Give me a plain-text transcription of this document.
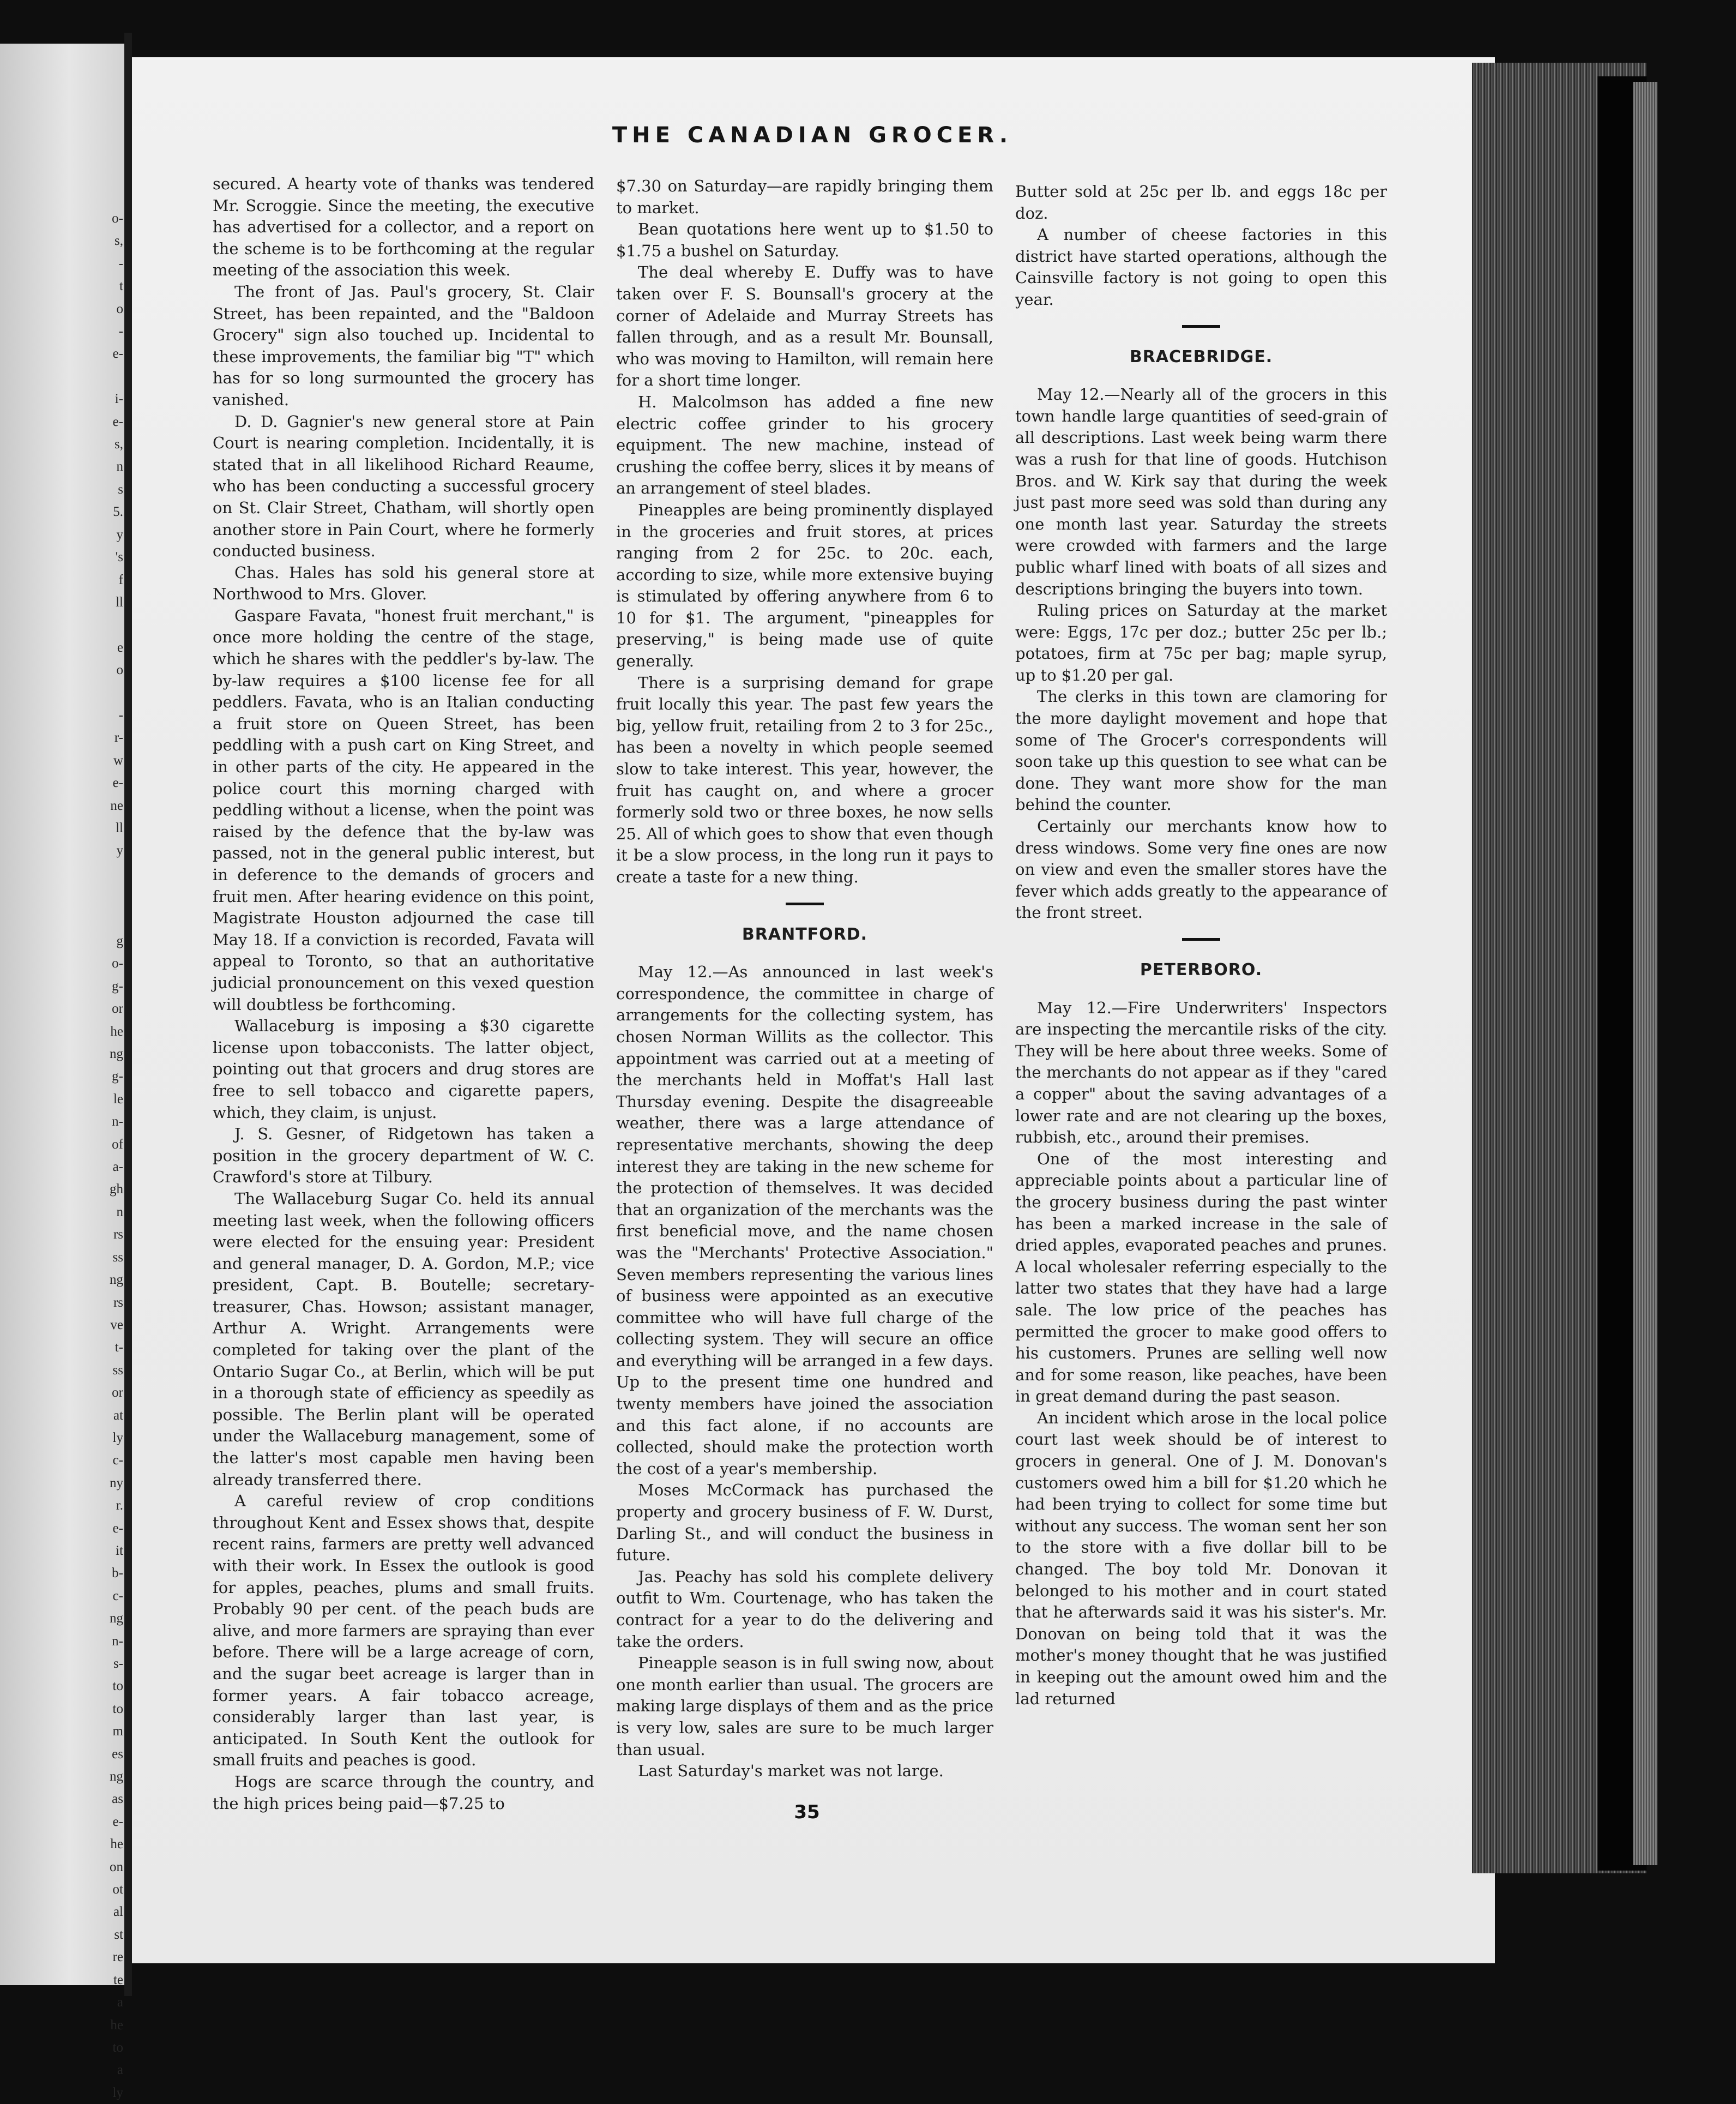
o-
s,
-
t
o
-
e-

i-
e-
s,
n
s
5.
y
's
f
ll

e
o

-
r-
w
e-
ne
ll
y

g
o-
g-
or
he
ng
g-
le
n-
of
a-
gh
n
rs
ss
ng
rs
ve
t-
ss
or
at
ly
c-
ny
r.
e-
it
b-
c-
ng
n-
s-
to
to
m
es
ng
as
e-
he
on
ot
al
st
re
te
a
he
to
a
ly
THE CANADIAN GROCER.

secured. A hearty vote of thanks was tendered Mr. Scroggie. Since the meeting, the executive has advertised for a collector, and a report on the scheme is to be forthcoming at the regular meeting of the association this week.

The front of Jas. Paul's grocery, St. Clair Street, has been repainted, and the "Baldoon Grocery" sign also touched up. Incidental to these improvements, the familiar big "T" which has for so long surmounted the grocery has vanished.

D. D. Gagnier's new general store at Pain Court is nearing completion. Incidentally, it is stated that in all likelihood Richard Reaume, who has been conducting a successful grocery on St. Clair Street, Chatham, will shortly open another store in Pain Court, where he formerly conducted business.

Chas. Hales has sold his general store at Northwood to Mrs. Glover.

Gaspare Favata, "honest fruit merchant," is once more holding the centre of the stage, which he shares with the peddler's by-law. The by-law requires a $100 license fee for all peddlers. Favata, who is an Italian conducting a fruit store on Queen Street, has been peddling with a push cart on King Street, and in other parts of the city. He appeared in the police court this morning charged with peddling without a license, when the point was raised by the defence that the by-law was passed, not in the general public interest, but in deference to the demands of grocers and fruit men. After hearing evidence on this point, Magistrate Houston adjourned the case till May 18. If a conviction is recorded, Favata will appeal to Toronto, so that an authoritative judicial pronouncement on this vexed question will doubtless be forthcoming.

Wallaceburg is imposing a $30 cigarette license upon tobacconists. The latter object, pointing out that grocers and drug stores are free to sell tobacco and cigarette papers, which, they claim, is unjust.

J. S. Gesner, of Ridgetown has taken a position in the grocery department of W. C. Crawford's store at Tilbury.

The Wallaceburg Sugar Co. held its annual meeting last week, when the following officers were elected for the ensuing year: President and general manager, D. A. Gordon, M.P.; vice president, Capt. B. Boutelle; secretary-treasurer, Chas. Howson; assistant manager, Arthur A. Wright. Arrangements were completed for taking over the plant of the Ontario Sugar Co., at Berlin, which will be put in a thorough state of efficiency as speedily as possible. The Berlin plant will be operated under the Wallaceburg management, some of the latter's most capable men having been already transferred there.

A careful review of crop conditions throughout Kent and Essex shows that, despite recent rains, farmers are pretty well advanced with their work. In Essex the outlook is good for apples, peaches, plums and small fruits. Probably 90 per cent. of the peach buds are alive, and more farmers are spraying than ever before. There will be a large acreage of corn, and the sugar beet acreage is larger than in former years. A fair tobacco acreage, considerably larger than last year, is anticipated. In South Kent the outlook for small fruits and peaches is good.

Hogs are scarce through the country, and the high prices being paid—$7.25 to

$7.30 on Saturday—are rapidly bringing them to market.

Bean quotations here went up to $1.50 to $1.75 a bushel on Saturday.

The deal whereby E. Duffy was to have taken over F. S. Bounsall's grocery at the corner of Adelaide and Murray Streets has fallen through, and as a result Mr. Bounsall, who was moving to Hamilton, will remain here for a short time longer.

H. Malcolmson has added a fine new electric coffee grinder to his grocery equipment. The new machine, instead of crushing the coffee berry, slices it by means of an arrangement of steel blades.

Pineapples are being prominently displayed in the groceries and fruit stores, at prices ranging from 2 for 25c. to 20c. each, according to size, while more extensive buying is stimulated by offering anywhere from 6 to 10 for $1. The argument, "pineapples for preserving," is being made use of quite generally.

There is a surprising demand for grape fruit locally this year. The past few years the big, yellow fruit, retailing from 2 to 3 for 25c., has been a novelty in which people seemed slow to take interest. This year, however, the fruit has caught on, and where a grocer formerly sold two or three boxes, he now sells 25. All of which goes to show that even though it be a slow process, in the long run it pays to create a taste for a new thing.

BRANTFORD.

May 12.—As announced in last week's correspondence, the committee in charge of arrangements for the collecting system, has chosen Norman Willits as the collector. This appointment was carried out at a meeting of the merchants held in Moffat's Hall last Thursday evening. Despite the disagreeable weather, there was a large attendance of representative merchants, showing the deep interest they are taking in the new scheme for the protection of themselves. It was decided that an organization of the merchants was the first beneficial move, and the name chosen was the "Merchants' Protective Association." Seven members representing the various lines of business were appointed as an executive committee who will have full charge of the collecting system. They will secure an office and everything will be arranged in a few days. Up to the present time one hundred and twenty members have joined the association and this fact alone, if no accounts are collected, should make the protection worth the cost of a year's membership.

Moses McCormack has purchased the property and grocery business of F. W. Durst, Darling St., and will conduct the business in future.

Jas. Peachy has sold his complete delivery outfit to Wm. Courtenage, who has taken the contract for a year to do the delivering and take the orders.

Pineapple season is in full swing now, about one month earlier than usual. The grocers are making large displays of them and as the price is very low, sales are sure to be much larger than usual.

Last Saturday's market was not large.

Butter sold at 25c per lb. and eggs 18c per doz.

A number of cheese factories in this district have started operations, although the Cainsville factory is not going to open this year.

BRACEBRIDGE.

May 12.—Nearly all of the grocers in this town handle large quantities of seed-grain of all descriptions. Last week being warm there was a rush for that line of goods. Hutchison Bros. and W. Kirk say that during the week just past more seed was sold than during any one month last year. Saturday the streets were crowded with farmers and the large public wharf lined with boats of all sizes and descriptions bringing the buyers into town.

Ruling prices on Saturday at the market were: Eggs, 17c per doz.; butter 25c per lb.; potatoes, firm at 75c per bag; maple syrup, up to $1.20 per gal.

The clerks in this town are clamoring for the more daylight movement and hope that some of The Grocer's correspondents will soon take up this question to see what can be done. They want more show for the man behind the counter.

Certainly our merchants know how to dress windows. Some very fine ones are now on view and even the smaller stores have the fever which adds greatly to the appearance of the front street.

PETERBORO.

May 12.—Fire Underwriters' Inspectors are inspecting the mercantile risks of the city. They will be here about three weeks. Some of the merchants do not appear as if they "cared a copper" about the saving advantages of a lower rate and are not clearing up the boxes, rubbish, etc., around their premises.

One of the most interesting and appreciable points about a particular line of the grocery business during the past winter has been a marked increase in the sale of dried apples, evaporated peaches and prunes. A local wholesaler referring especially to the latter two states that they have had a large sale. The low price of the peaches has permitted the grocer to make good offers to his customers. Prunes are selling well now and for some reason, like peaches, have been in great demand during the past season.

An incident which arose in the local police court last week should be of interest to grocers in general. One of J. M. Donovan's customers owed him a bill for $1.20 which he had been trying to collect for some time but without any success. The woman sent her son to the store with a five dollar bill to be changed. The boy told Mr. Donovan it belonged to his mother and in court stated that he afterwards said it was his sister's. Mr. Donovan on being told that it was the mother's money thought that he was justified in keeping out the amount owed him and the lad returned

35
